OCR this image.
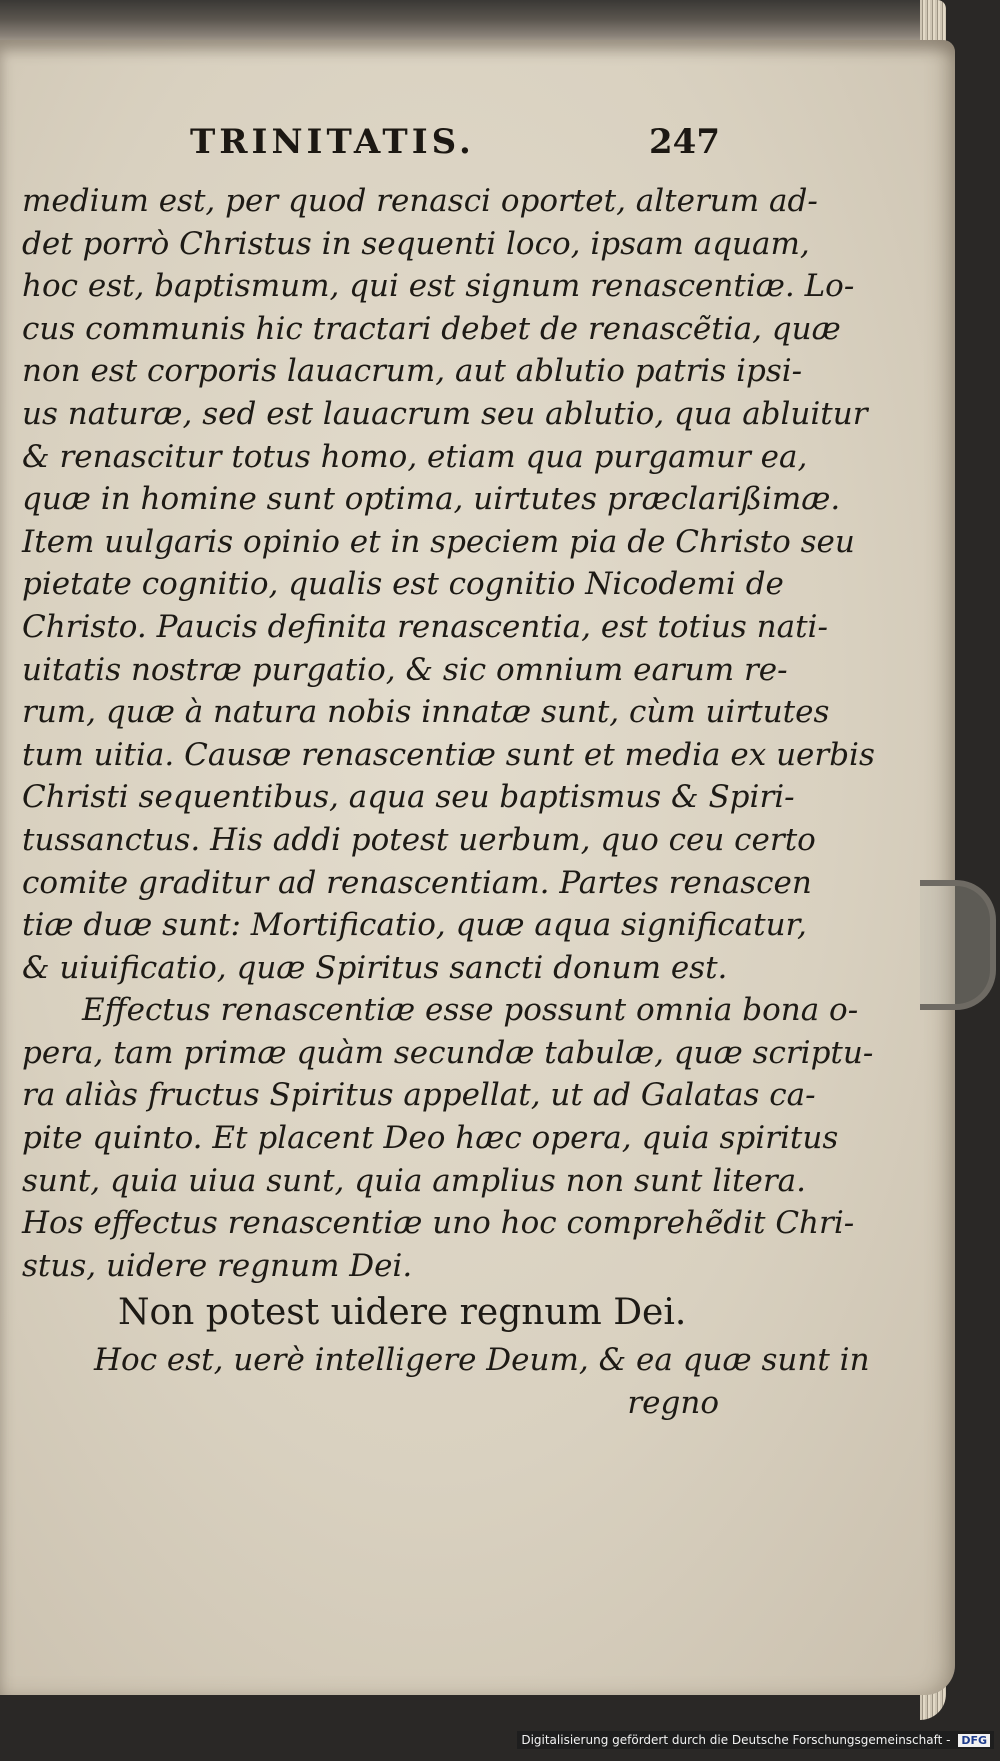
TRINITATIS.	247
medium est, per quod renasci oportet, alterum ad-
det porrò Christus in sequenti loco, ipsam aquam,
hoc est, baptismum, qui est signum renascentiæ. Lo-
cus communis hic tractari debet de renascẽtia, quæ
non est corporis lauacrum, aut ablutio patris ipsi-
us naturæ, sed est lauacrum seu ablutio, qua abluitur
& renascitur totus homo, etiam qua purgamur ea,
quæ in homine sunt optima, uirtutes præclarißimæ.
Item uulgaris opinio et in speciem pia de Christo seu
pietate cognitio, qualis est cognitio Nicodemi de
Christo. Paucis definita renascentia, est totius nati-
uitatis nostræ purgatio, & sic omnium earum re-
rum, quæ à natura nobis innatæ sunt, cùm uirtutes
tum uitia. Causæ renascentiæ sunt et media ex uerbis
Christi sequentibus, aqua seu baptismus & Spiri-
tussanctus. His addi potest uerbum, quo ceu certo
comite graditur ad renascentiam. Partes renascen
tiæ duæ sunt: Mortificatio, quæ aqua significatur,
& uiuificatio, quæ Spiritus sancti donum est.
Effectus renascentiæ esse possunt omnia bona o-
pera, tam primæ quàm secundæ tabulæ, quæ scriptu-
ra aliàs fructus Spiritus appellat, ut ad Galatas ca-
pite quinto. Et placent Deo hæc opera, quia spiritus
sunt, quia uiua sunt, quia amplius non sunt litera.
Hos effectus renascentiæ uno hoc comprehẽdit Chri-
stus, uidere regnum Dei.
Non potest uidere regnum Dei.
Hoc est, uerè intelligere Deum, & ea quæ sunt in
regno
Digitalisierung gefördert durch die Deutsche Forschungsgemeinschaft - DFG
